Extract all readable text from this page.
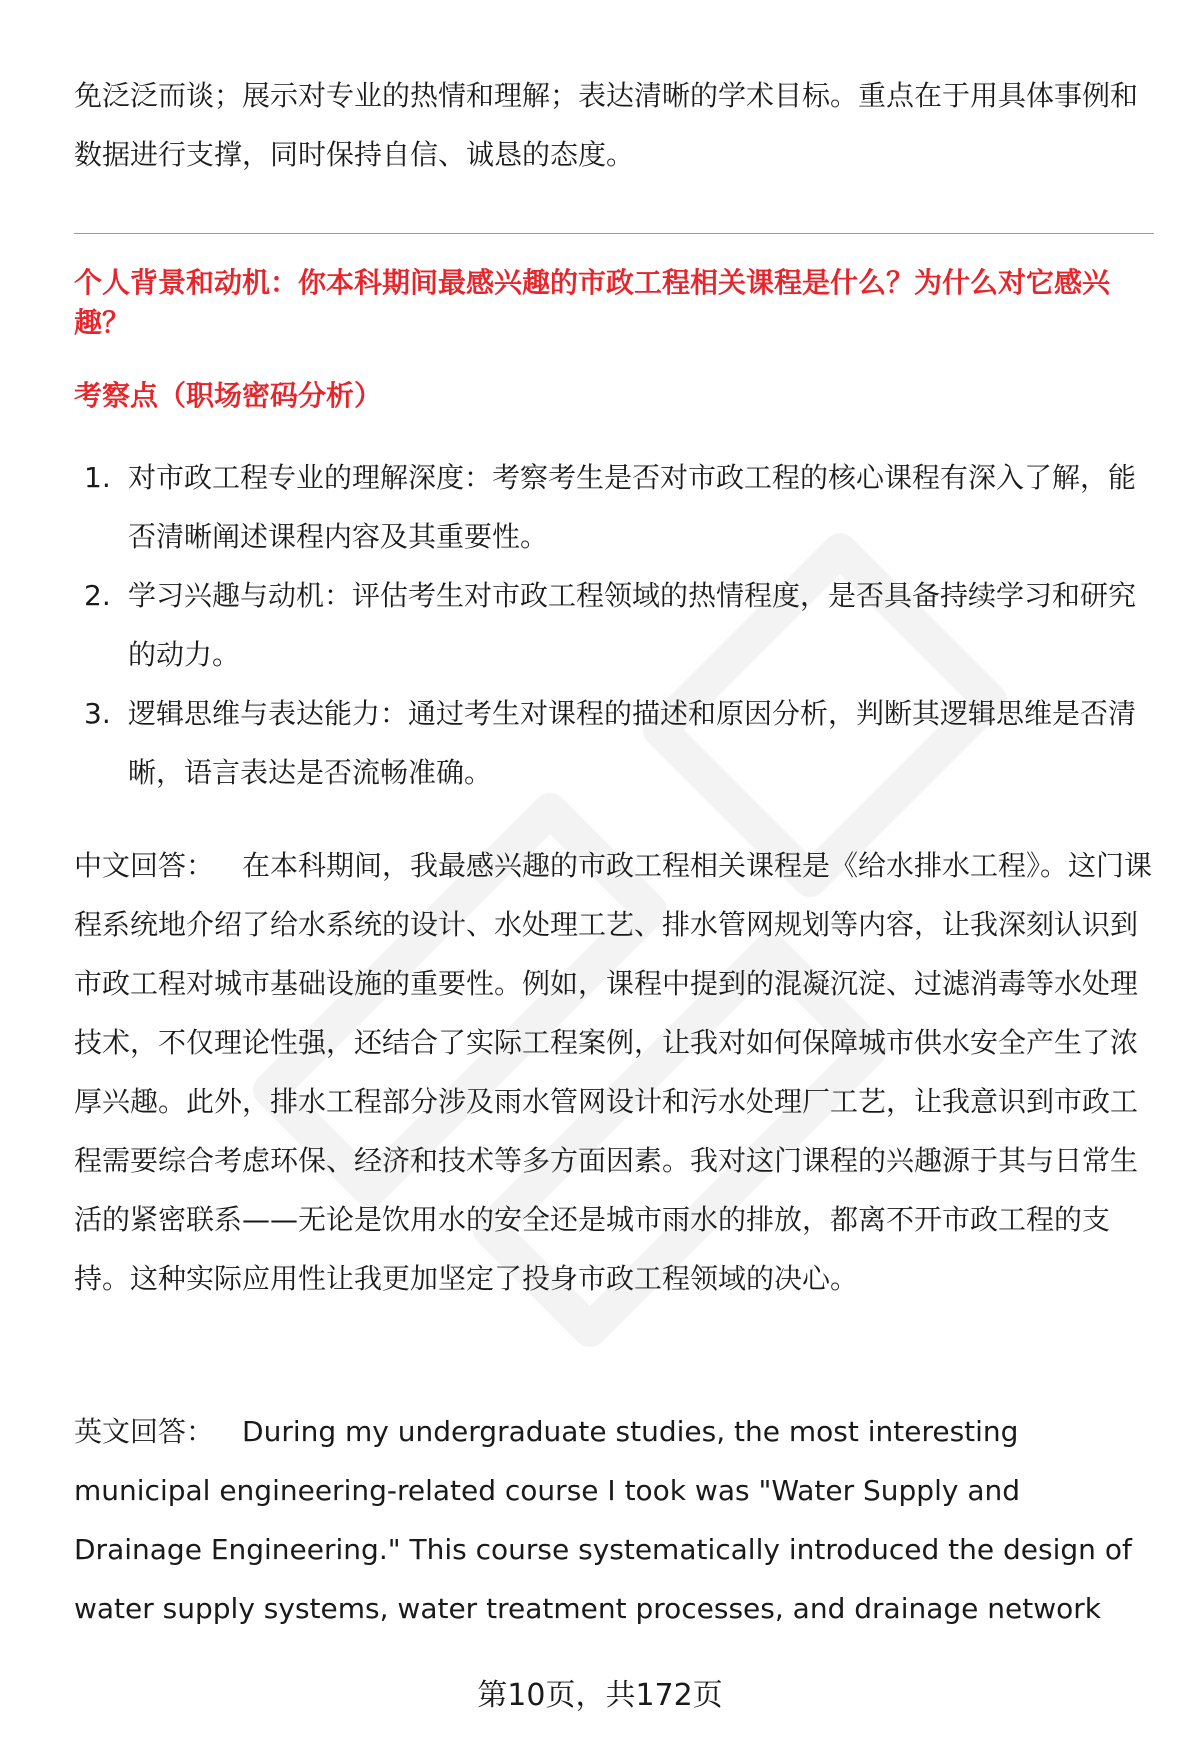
免泛泛而谈；展示对专业的热情和理解；表达清晰的学术目标。重点在于用具体事例和数据进行支撑，同时保持自信、诚恳的态度。

个人背景和动机：你本科期间最感兴趣的市政工程相关课程是什么？为什么对它感兴趣？

考察点（职场密码分析）

1. 对市政工程专业的理解深度：考察考生是否对市政工程的核心课程有深入了解，能否清晰阐述课程内容及其重要性。
2. 学习兴趣与动机：评估考生对市政工程领域的热情程度，是否具备持续学习和研究的动力。
3. 逻辑思维与表达能力：通过考生对课程的描述和原因分析，判断其逻辑思维是否清晰，语言表达是否流畅准确。

中文回答： 在本科期间，我最感兴趣的市政工程相关课程是《给水排水工程》。这门课程系统地介绍了给水系统的设计、水处理工艺、排水管网规划等内容，让我深刻认识到市政工程对城市基础设施的重要性。例如，课程中提到的混凝沉淀、过滤消毒等水处理技术，不仅理论性强，还结合了实际工程案例，让我对如何保障城市供水安全产生了浓厚兴趣。此外，排水工程部分涉及雨水管网设计和污水处理厂工艺，让我意识到市政工程需要综合考虑环保、经济和技术等多方面因素。我对这门课程的兴趣源于其与日常生活的紧密联系——无论是饮用水的安全还是城市雨水的排放，都离不开市政工程的支持。这种实际应用性让我更加坚定了投身市政工程领域的决心。

英文回答： During my undergraduate studies, the most interesting municipal engineering-related course I took was "Water Supply and Drainage Engineering." This course systematically introduced the design of water supply systems, water treatment processes, and drainage network

第10页，共172页
